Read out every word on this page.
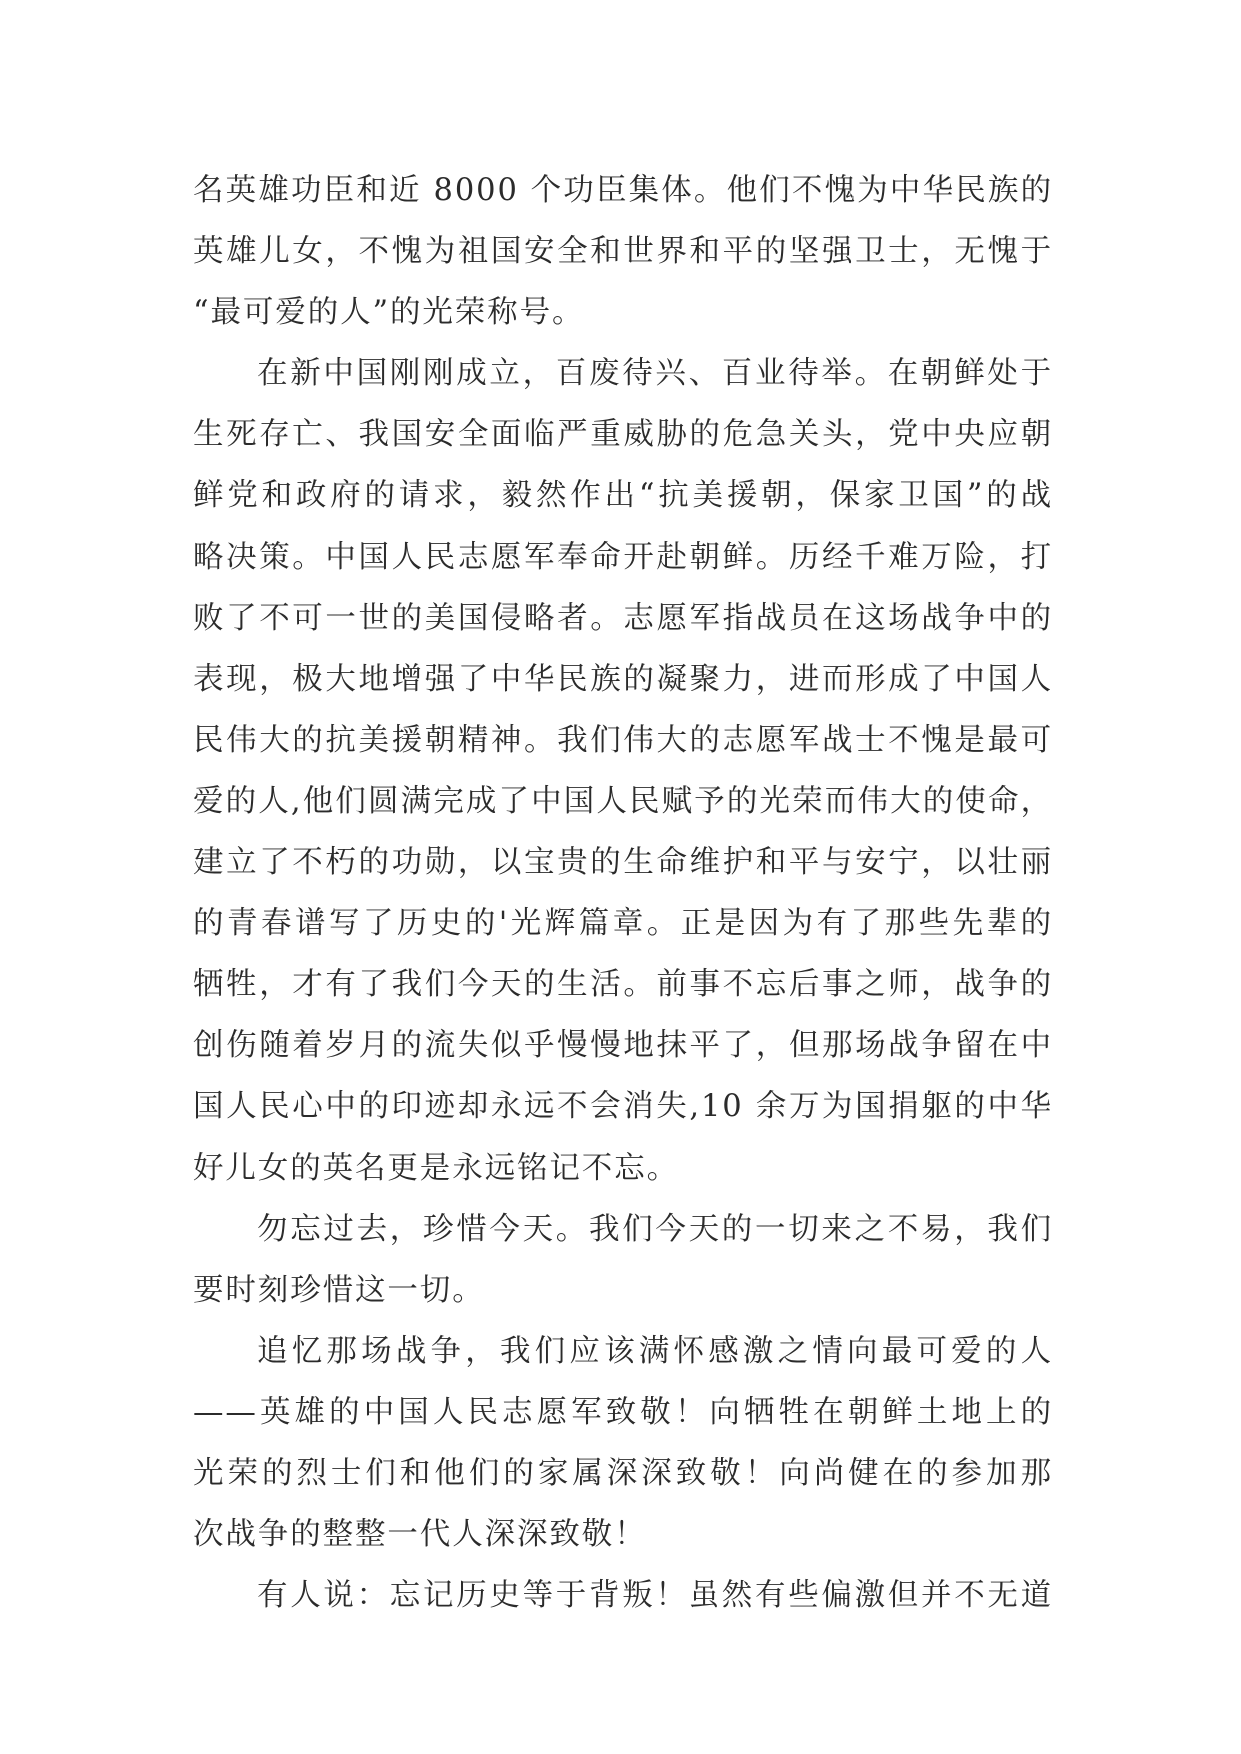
名英雄功臣和近 8000 个功臣集体。他们不愧为中华民族的
英雄儿女，不愧为祖国安全和世界和平的坚强卫士，无愧于
“最可爱的人”的光荣称号。
在新中国刚刚成立，百废待兴、百业待举。在朝鲜处于
生死存亡、我国安全面临严重威胁的危急关头，党中央应朝
鲜党和政府的请求，毅然作出“抗美援朝，保家卫国”的战
略决策。中国人民志愿军奉命开赴朝鲜。历经千难万险，打
败了不可一世的美国侵略者。志愿军指战员在这场战争中的
表现，极大地增强了中华民族的凝聚力，进而形成了中国人
民伟大的抗美援朝精神。我们伟大的志愿军战士不愧是最可
爱的人,他们圆满完成了中国人民赋予的光荣而伟大的使命，
建立了不朽的功勋，以宝贵的生命维护和平与安宁，以壮丽
的青春谱写了历史的'光辉篇章。正是因为有了那些先辈的
牺牲，才有了我们今天的生活。前事不忘后事之师，战争的
创伤随着岁月的流失似乎慢慢地抹平了，但那场战争留在中
国人民心中的印迹却永远不会消失,10 余万为国捐躯的中华
好儿女的英名更是永远铭记不忘。
勿忘过去，珍惜今天。我们今天的一切来之不易，我们
要时刻珍惜这一切。
追忆那场战争，我们应该满怀感激之情向最可爱的人
——英雄的中国人民志愿军致敬！向牺牲在朝鲜土地上的
光荣的烈士们和他们的家属深深致敬！向尚健在的参加那
次战争的整整一代人深深致敬！
有人说：忘记历史等于背叛！虽然有些偏激但并不无道
